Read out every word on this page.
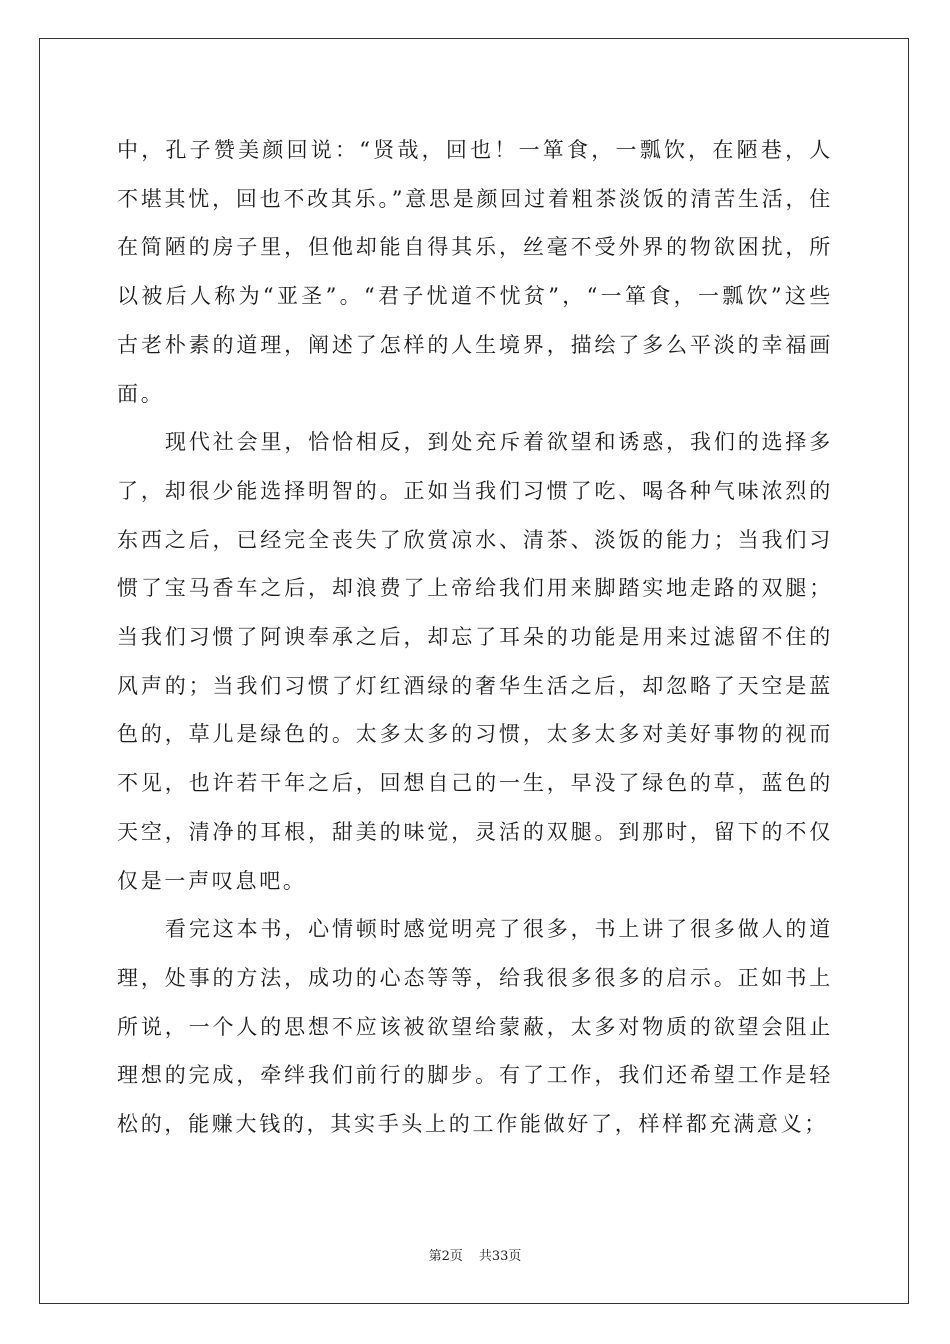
中，孔子赞美颜回说：“贤哉，回也！一箪食，一瓢饮，在陋巷，人不堪其忧，回也不改其乐。”意思是颜回过着粗茶淡饭的清苦生活，住在简陋的房子里，但他却能自得其乐，丝毫不受外界的物欲困扰，所以被后人称为“亚圣”。“君子忧道不忧贫”，“一箪食，一瓢饮”这些古老朴素的道理，阐述了怎样的人生境界，描绘了多么平淡的幸福画面。

现代社会里，恰恰相反，到处充斥着欲望和诱惑，我们的选择多了，却很少能选择明智的。正如当我们习惯了吃、喝各种气味浓烈的东西之后，已经完全丧失了欣赏凉水、清茶、淡饭的能力；当我们习惯了宝马香车之后，却浪费了上帝给我们用来脚踏实地走路的双腿；当我们习惯了阿谀奉承之后，却忘了耳朵的功能是用来过滤留不住的风声的；当我们习惯了灯红酒绿的奢华生活之后，却忽略了天空是蓝色的，草儿是绿色的。太多太多的习惯，太多太多对美好事物的视而不见，也许若干年之后，回想自己的一生，早没了绿色的草，蓝色的天空，清净的耳根，甜美的味觉，灵活的双腿。到那时，留下的不仅仅是一声叹息吧。

看完这本书，心情顿时感觉明亮了很多，书上讲了很多做人的道理，处事的方法，成功的心态等等，给我很多很多的启示。正如书上所说，一个人的思想不应该被欲望给蒙蔽，太多对物质的欲望会阻止理想的完成，牵绊我们前行的脚步。有了工作，我们还希望工作是轻松的，能赚大钱的，其实手头上的工作能做好了，样样都充满意义；

第2页 共33页
